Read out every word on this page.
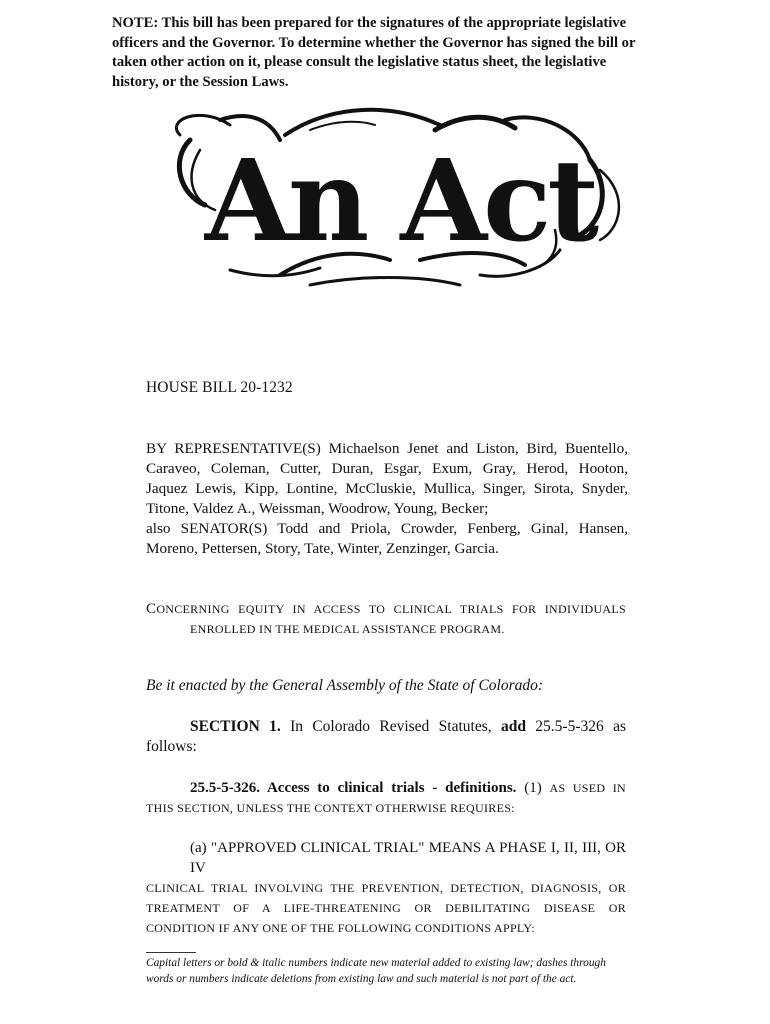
NOTE: This bill has been prepared for the signatures of the appropriate legislative officers and the Governor. To determine whether the Governor has signed the bill or taken other action on it, please consult the legislative status sheet, the legislative history, or the Session Laws.
An Act
HOUSE BILL 20-1232
BY REPRESENTATIVE(S) Michaelson Jenet and Liston, Bird, Buentello,
Caraveo, Coleman, Cutter, Duran, Esgar, Exum, Gray, Herod, Hooton,
Jaquez Lewis, Kipp, Lontine, McCluskie, Mullica, Singer, Sirota, Snyder,
Titone, Valdez A., Weissman, Woodrow, Young, Becker;
also SENATOR(S) Todd and Priola, Crowder, Fenberg, Ginal, Hansen,
Moreno, Pettersen, Story, Tate, Winter, Zenzinger, Garcia.
CONCERNING EQUITY IN ACCESS TO CLINICAL TRIALS FOR INDIVIDUALS
ENROLLED IN THE MEDICAL ASSISTANCE PROGRAM.
Be it enacted by the General Assembly of the State of Colorado:
SECTION 1. In Colorado Revised Statutes, add 25.5-5-326 as
follows:
25.5-5-326. Access to clinical trials - definitions. (1) AS USED IN
THIS SECTION, UNLESS THE CONTEXT OTHERWISE REQUIRES:
(a) "APPROVED CLINICAL TRIAL" MEANS A PHASE I, II, III, OR IV
CLINICAL TRIAL INVOLVING THE PREVENTION, DETECTION, DIAGNOSIS, OR
TREATMENT OF A LIFE-THREATENING OR DEBILITATING DISEASE OR
CONDITION IF ANY ONE OF THE FOLLOWING CONDITIONS APPLY:
Capital letters or bold & italic numbers indicate new material added to existing law; dashes through words or numbers indicate deletions from existing law and such material is not part of the act.
